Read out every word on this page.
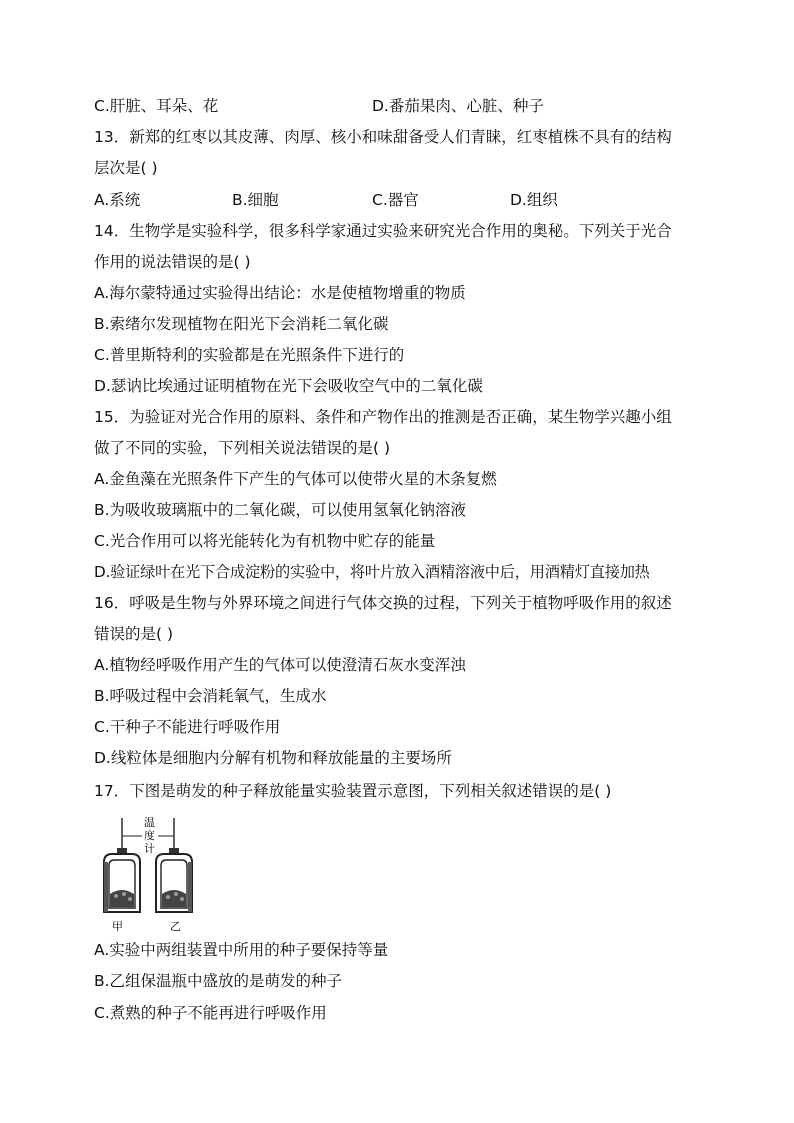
C.肝脏、耳朵、花	D.番茄果肉、心脏、种子
13．新郑的红枣以其皮薄、肉厚、核小和味甜备受人们青睐，红枣植株不具有的结构
层次是( )
A.系统	B.细胞	C.器官	D.组织
14．生物学是实验科学，很多科学家通过实验来研究光合作用的奥秘。下列关于光合
作用的说法错误的是( )
A.海尔蒙特通过实验得出结论：水是使植物增重的物质
B.索绪尔发现植物在阳光下会消耗二氧化碳
C.普里斯特利的实验都是在光照条件下进行的
D.瑟讷比埃通过证明植物在光下会吸收空气中的二氧化碳
15．为验证对光合作用的原料、条件和产物作出的推测是否正确，某生物学兴趣小组
做了不同的实验，下列相关说法错误的是( )
A.金鱼藻在光照条件下产生的气体可以使带火星的木条复燃
B.为吸收玻璃瓶中的二氧化碳，可以使用氢氧化钠溶液
C.光合作用可以将光能转化为有机物中贮存的能量
D.验证绿叶在光下合成淀粉的实验中，将叶片放入酒精溶液中后，用酒精灯直接加热
16．呼吸是生物与外界环境之间进行气体交换的过程，下列关于植物呼吸作用的叙述
错误的是( )
A.植物经呼吸作用产生的气体可以使澄清石灰水变浑浊
B.呼吸过程中会消耗氧气，生成水
C.干种子不能进行呼吸作用
D.线粒体是细胞内分解有机物和释放能量的主要场所
17．下图是萌发的种子释放能量实验装置示意图，下列相关叙述错误的是( )
温
度
计
甲	乙
A.实验中两组装置中所用的种子要保持等量
B.乙组保温瓶中盛放的是萌发的种子
C.煮熟的种子不能再进行呼吸作用
